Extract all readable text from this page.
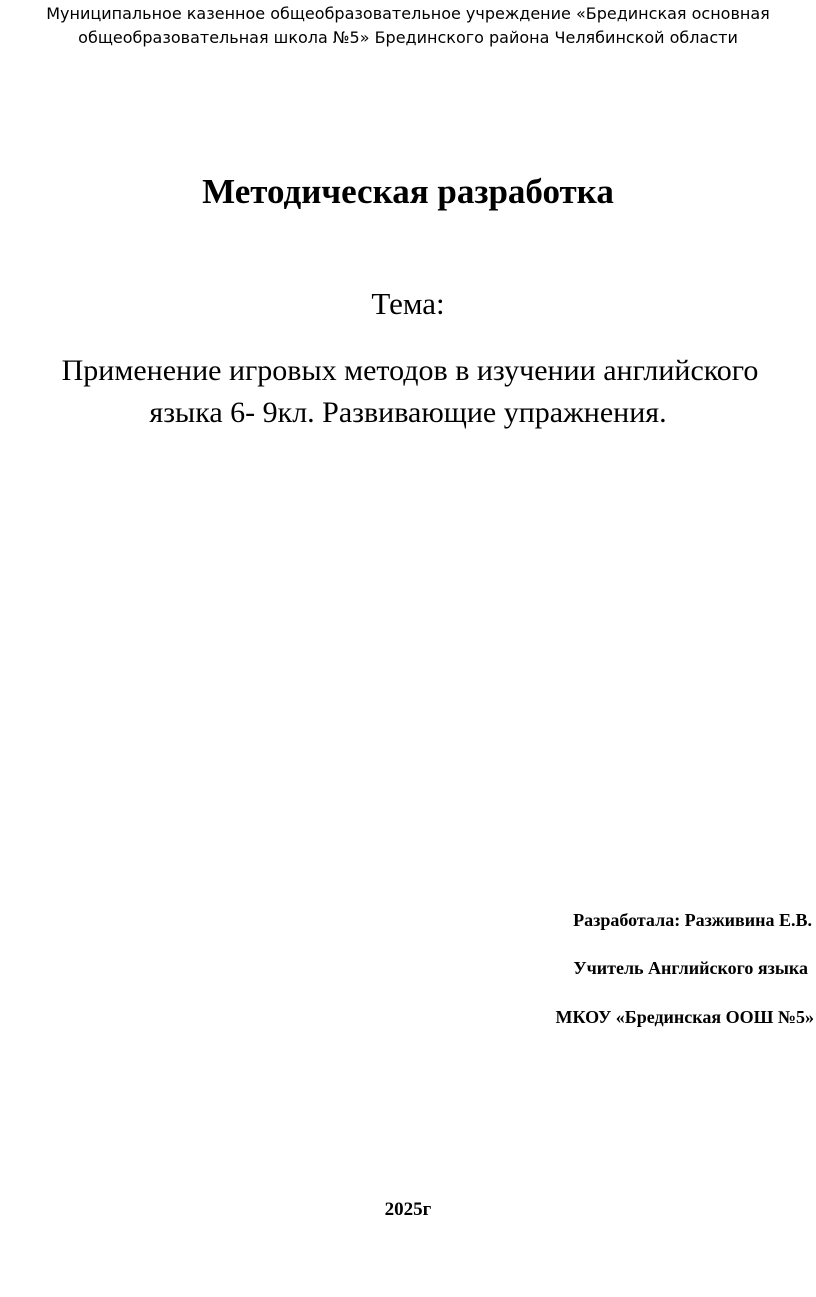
Муниципальное казенное общеобразовательное учреждение «Брединская основная
общеобразовательная школа №5» Брединского района Челябинской области
Методическая разработка
Тема:
Применение игровых методов в изучении английского
языка 6- 9кл. Развивающие упражнения.
Разработала: Разживина Е.В.
Учитель Английского языка
МКОУ «Брединская ООШ №5»
2025г
